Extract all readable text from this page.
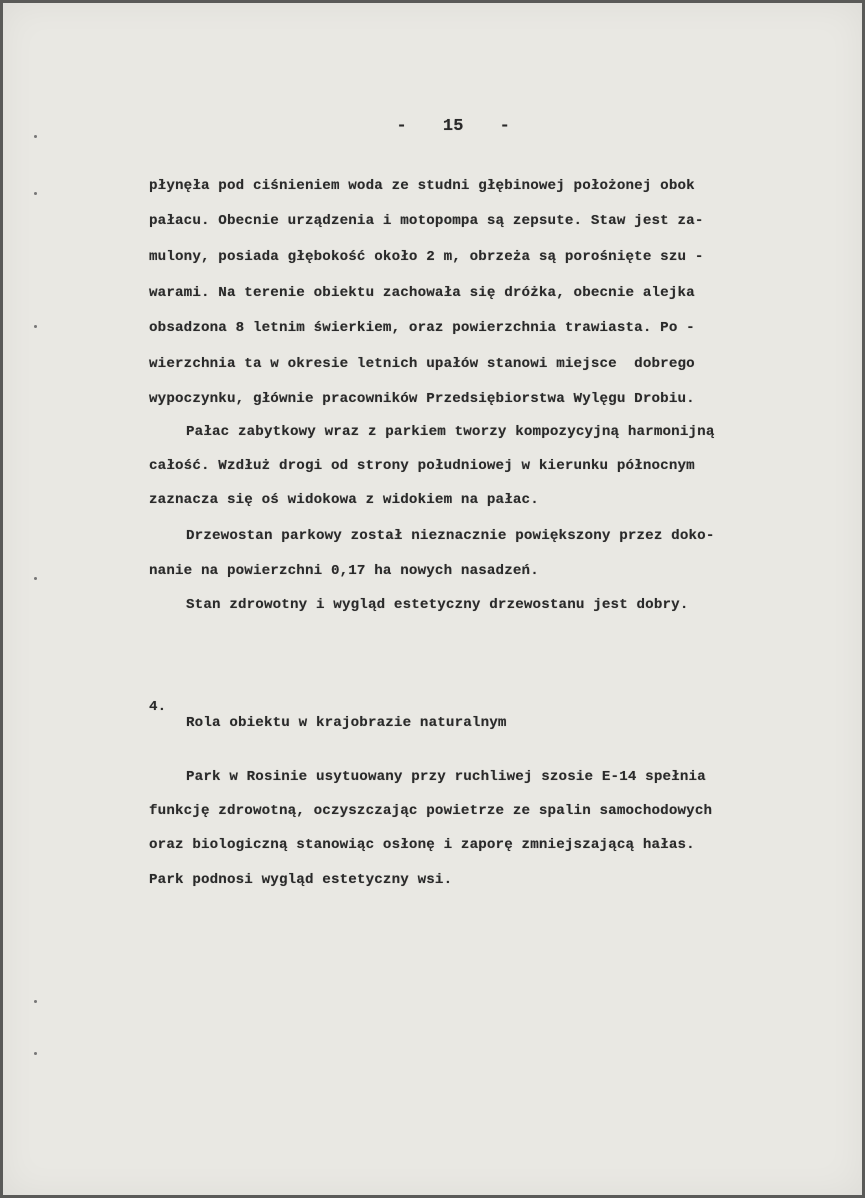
- 15 -

płynęła pod ciśnieniem woda ze studni głębinowej położonej obok
pałacu. Obecnie urządzenia i motopompa są zepsute. Staw jest za-
mulony, posiada głębokość około 2 m, obrzeża są porośnięte szu -
warami. Na terenie obiektu zachowała się dróżka, obecnie alejka
obsadzona 8 letnim świerkiem, oraz powierzchnia trawiasta. Po -
wierzchnia ta w okresie letnich upałów stanowi miejsce  dobrego
wypoczynku, głównie pracowników Przedsiębiorstwa Wylęgu Drobiu.
Pałac zabytkowy wraz z parkiem tworzy kompozycyjną harmonijną
całość. Wzdłuż drogi od strony południowej w kierunku północnym
zaznacza się oś widokowa z widokiem na pałac.
Drzewostan parkowy został nieznacznie powiększony przez doko-
nanie na powierzchni 0,17 ha nowych nasadzeń.
Stan zdrowotny i wygląd estetyczny drzewostanu jest dobry.

4.

Rola obiektu w krajobrazie naturalnym

Park w Rosinie usytuowany przy ruchliwej szosie E-14 spełnia
funkcję zdrowotną, oczyszczając powietrze ze spalin samochodowych
oraz biologiczną stanowiąc osłonę i zaporę zmniejszającą hałas.
Park podnosi wygląd estetyczny wsi.
